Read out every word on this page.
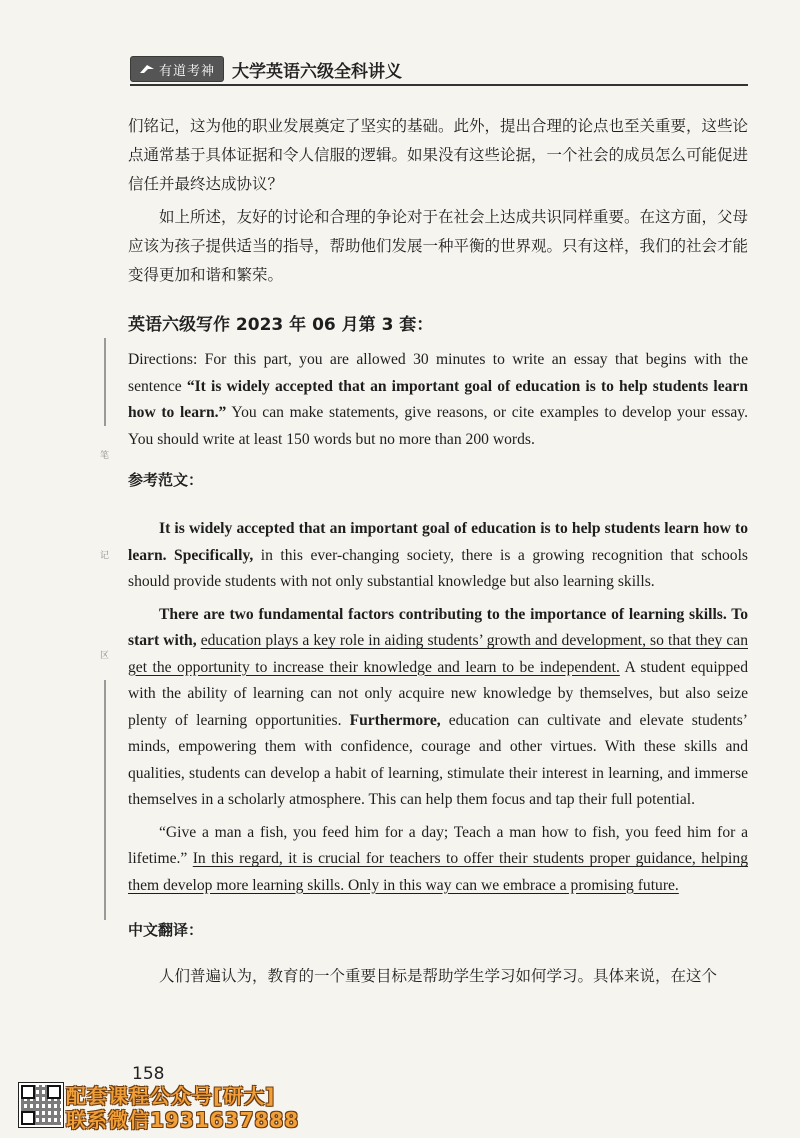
有道考神 大学英语六级全科讲义
笔
记
区

们铭记，这为他的职业发展奠定了坚实的基础。此外，提出合理的论点也至关重要，这些论点通常基于具体证据和令人信服的逻辑。如果没有这些论据，一个社会的成员怎么可能促进信任并最终达成协议？

如上所述，友好的讨论和合理的争论对于在社会上达成共识同样重要。在这方面，父母应该为孩子提供适当的指导，帮助他们发展一种平衡的世界观。只有这样，我们的社会才能变得更加和谐和繁荣。

英语六级写作 2023 年 06 月第 3 套：

Directions: For this part, you are allowed 30 minutes to write an essay that begins with the sentence “It is widely accepted that an important goal of education is to help students learn how to learn.” You can make statements, give reasons, or cite examples to develop your essay. You should write at least 150 words but no more than 200 words.

参考范文：

It is widely accepted that an important goal of education is to help students learn how to learn. Specifically, in this ever-changing society, there is a growing recognition that schools should provide students with not only substantial knowledge but also learning skills.

There are two fundamental factors contributing to the importance of learning skills. To start with, education plays a key role in aiding students’ growth and development, so that they can get the opportunity to increase their knowledge and learn to be independent. A student equipped with the ability of learning can not only acquire new knowledge by themselves, but also seize plenty of learning opportunities. Furthermore, education can cultivate and elevate students’ minds, empowering them with confidence, courage and other virtues. With these skills and qualities, students can develop a habit of learning, stimulate their interest in learning, and immerse themselves in a scholarly atmosphere. This can help them focus and tap their full potential.

“Give a man a fish, you feed him for a day; Teach a man how to fish, you feed him for a lifetime.” In this regard, it is crucial for teachers to offer their students proper guidance, helping them develop more learning skills. Only in this way can we embrace a promising future.

中文翻译：

人们普遍认为，教育的一个重要目标是帮助学生学习如何学习。具体来说，在这个

158
配套课程公众号[研大]
联系微信1931637888
